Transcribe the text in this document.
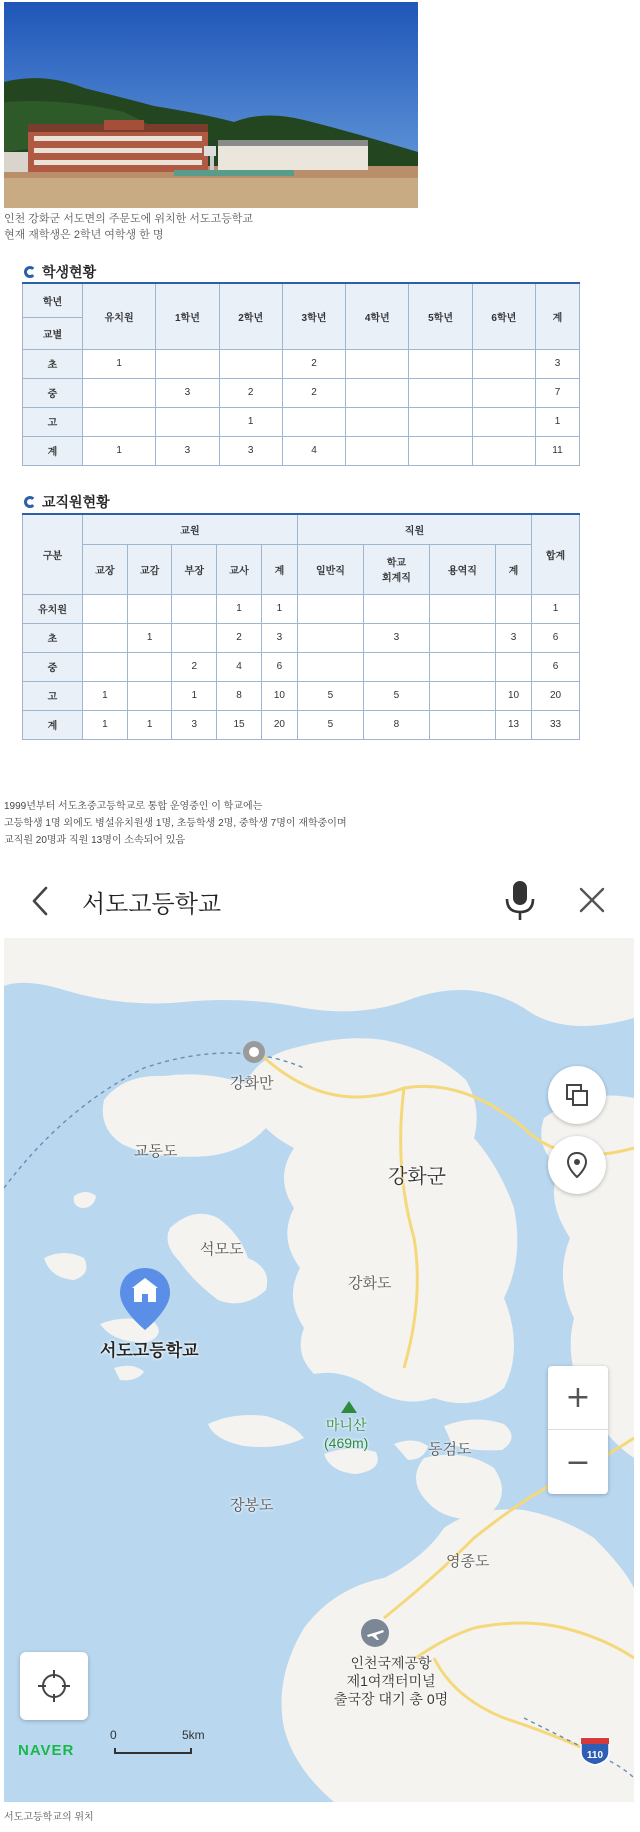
인천 강화군 서도면의 주문도에 위치한 서도고등학교
현재 재학생은 2학년 여학생 한 명
학생현황
학년	유치원	1학년	2학년	3학년	4학년	5학년	6학년	계
교별								
초	1			2				3
중		3	2	2				7
고			1					1
계	1	3	3	4				11
교직원현황
구분	교원					직원				합계
	교장	교감	부장	교사	계	일반직	학교
회계직	용역직	계	
유치원				1	1					1
초		1		2	3		3		3	6
중			2	4	6					6
고	1		1	8	10	5	5		10	20
계	1	1	3	15	20	5	8		13	33
1999년부터 서도초중고등학교로 통합 운영중인 이 학교에는
고등학생 1명 외에도 병설유치원생 1명, 초등학생 2명, 중학생 7명이 재학중이며
교직원 20명과 직원 13명이 소속되어 있음
서도고등학교
강화만
교동도
강화군
석모도
강화도
서도고등학교
마니산
(469m)	동검도
장봉도
영종도
인천국제공항
제1여객터미널
출국장 대기 총 0명
+
−
NAVER
0	5km
110
서도고등학교의 위치
